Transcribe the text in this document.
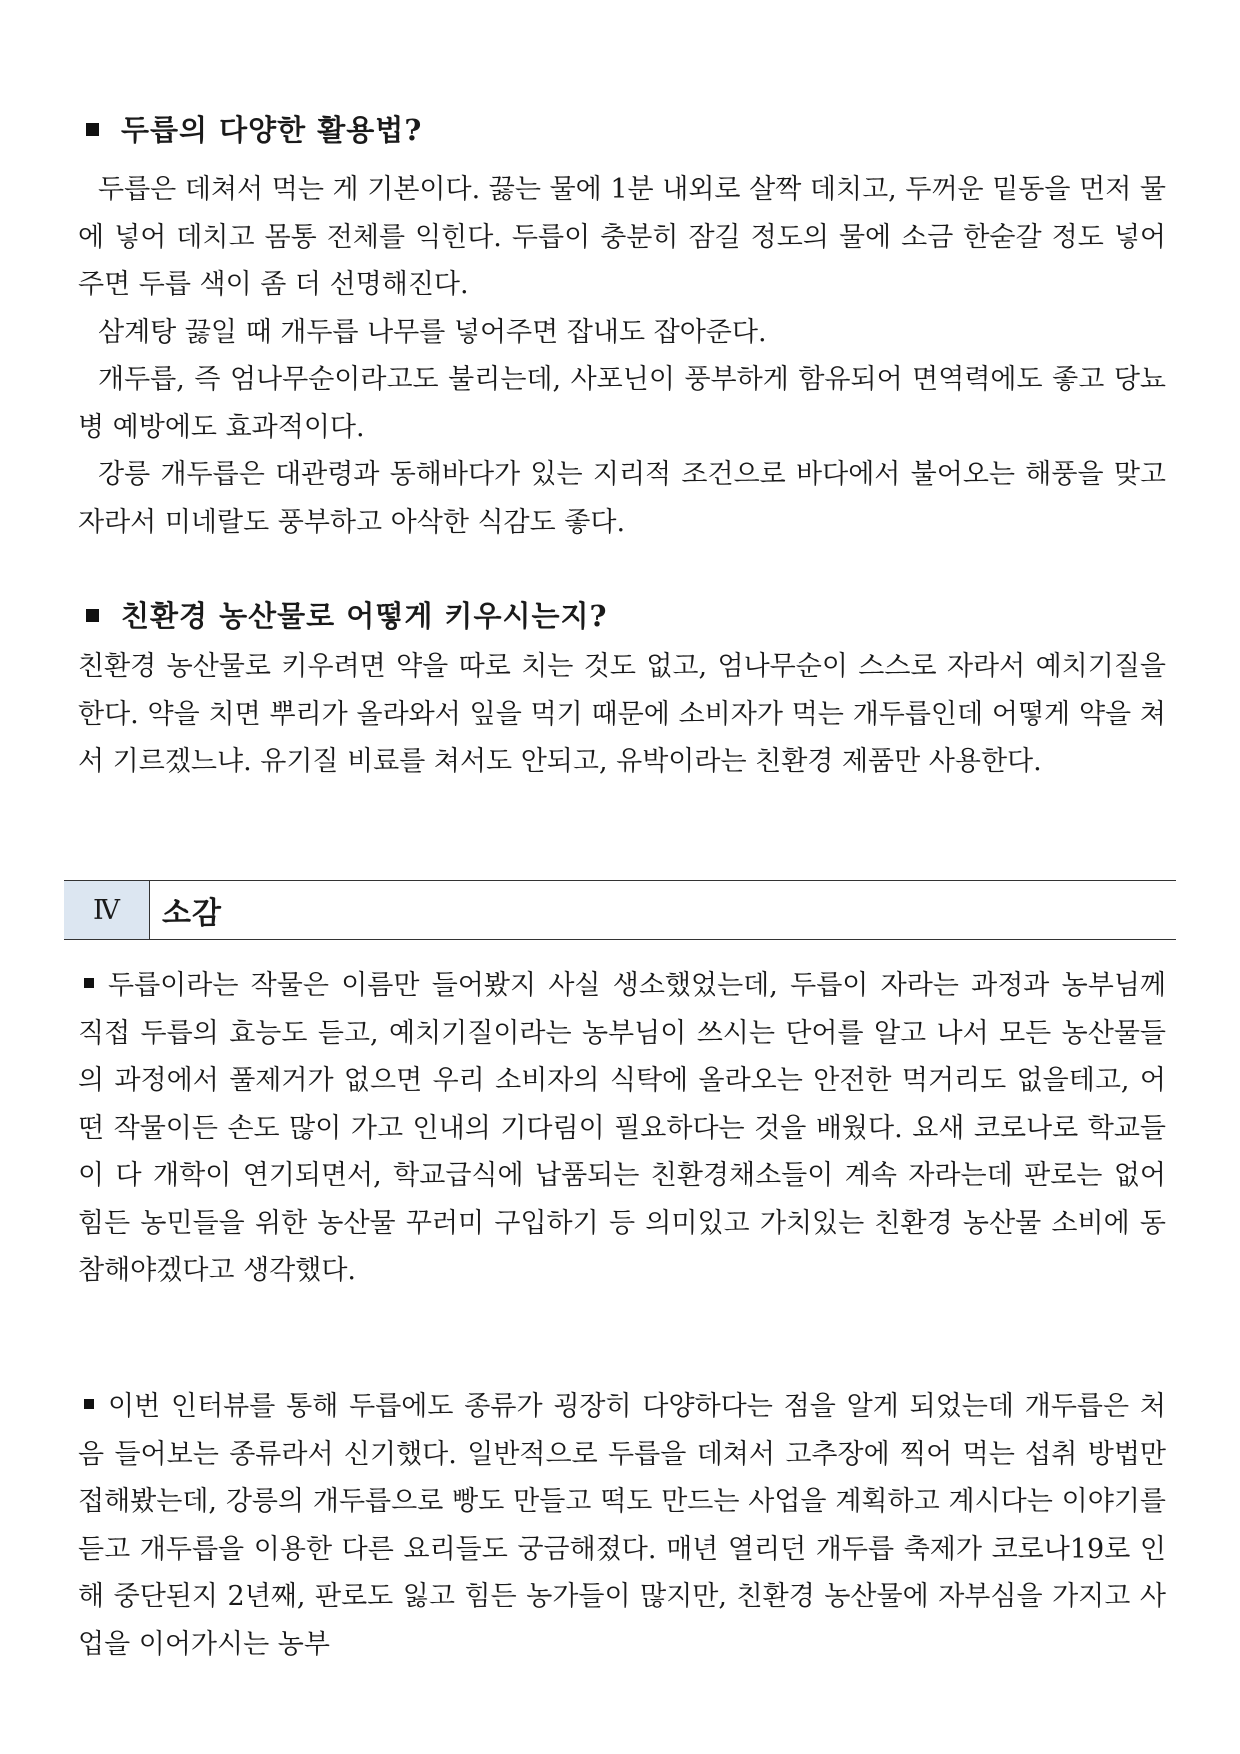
두릅의 다양한 활용법?

두릅은 데쳐서 먹는 게 기본이다. 끓는 물에 1분 내외로 살짝 데치고, 두꺼운 밑동을 먼저 물에 넣어 데치고 몸통 전체를 익힌다. 두릅이 충분히 잠길 정도의 물에 소금 한숟갈 정도 넣어주면 두릅 색이 좀 더 선명해진다.

삼계탕 끓일 때 개두릅 나무를 넣어주면 잡내도 잡아준다.

개두릅, 즉 엄나무순이라고도 불리는데, 사포닌이 풍부하게 함유되어 면역력에도 좋고 당뇨병 예방에도 효과적이다.

강릉 개두릅은 대관령과 동해바다가 있는 지리적 조건으로 바다에서 불어오는 해풍을 맞고 자라서 미네랄도 풍부하고 아삭한 식감도 좋다.

친환경 농산물로 어떻게 키우시는지?

친환경 농산물로 키우려면 약을 따로 치는 것도 없고, 엄나무순이 스스로 자라서 예치기질을 한다. 약을 치면 뿌리가 올라와서 잎을 먹기 때문에 소비자가 먹는 개두릅인데 어떻게 약을 쳐서 기르겠느냐. 유기질 비료를 쳐서도 안되고, 유박이라는 친환경 제품만 사용한다.

Ⅳ	소감

두릅이라는 작물은 이름만 들어봤지 사실 생소했었는데, 두릅이 자라는 과정과 농부님께 직접 두릅의 효능도 듣고, 예치기질이라는 농부님이 쓰시는 단어를 알고 나서 모든 농산물들의 과정에서 풀제거가 없으면 우리 소비자의 식탁에 올라오는 안전한 먹거리도 없을테고, 어떤 작물이든 손도 많이 가고 인내의 기다림이 필요하다는 것을 배웠다. 요새 코로나로 학교들이 다 개학이 연기되면서, 학교급식에 납품되는 친환경채소들이 계속 자라는데 판로는 없어 힘든 농민들을 위한 농산물 꾸러미 구입하기 등 의미있고 가치있는 친환경 농산물 소비에 동참해야겠다고 생각했다.

이번 인터뷰를 통해 두릅에도 종류가 굉장히 다양하다는 점을 알게 되었는데 개두릅은 처음 들어보는 종류라서 신기했다. 일반적으로 두릅을 데쳐서 고추장에 찍어 먹는 섭취 방법만 접해봤는데, 강릉의 개두릅으로 빵도 만들고 떡도 만드는 사업을 계획하고 계시다는 이야기를 듣고 개두릅을 이용한 다른 요리들도 궁금해졌다. 매년 열리던 개두릅 축제가 코로나19로 인해 중단된지 2년째, 판로도 잃고 힘든 농가들이 많지만, 친환경 농산물에 자부심을 가지고 사업을 이어가시는 농부
